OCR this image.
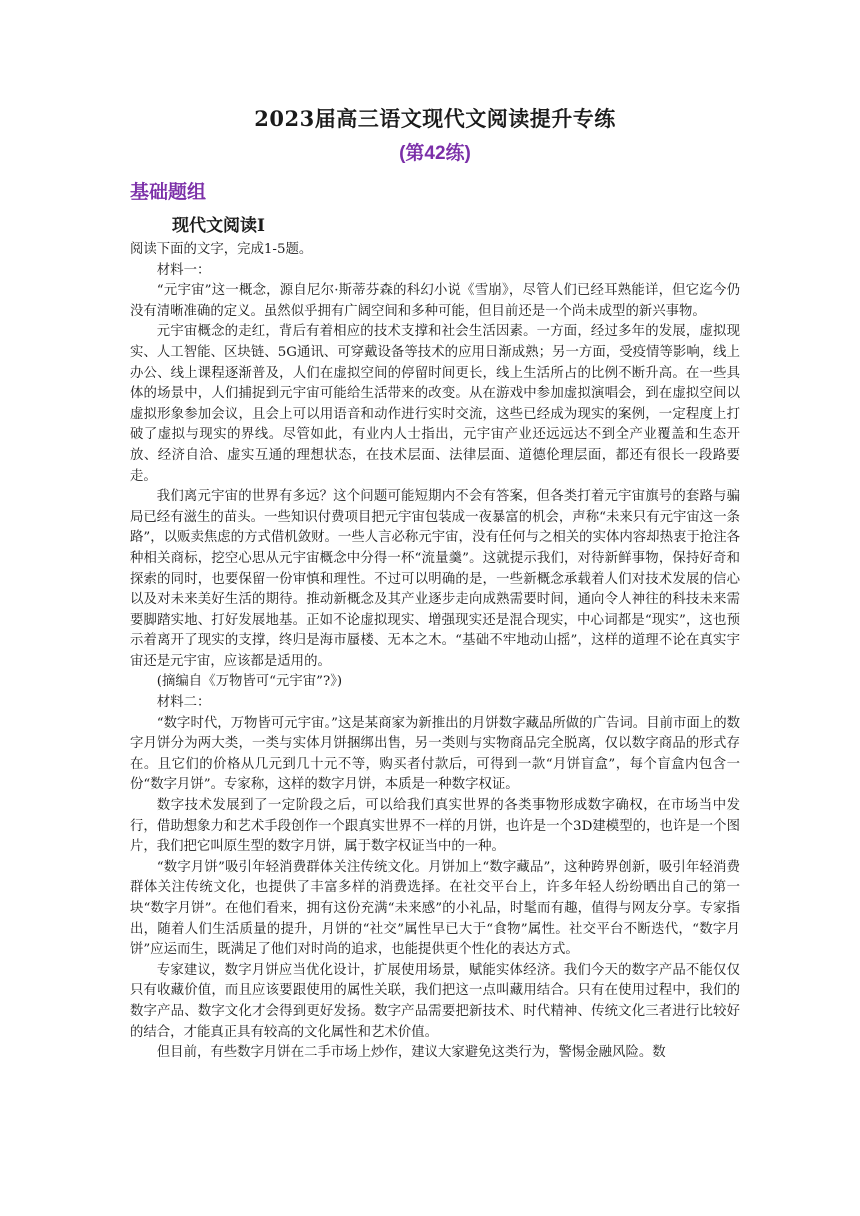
2023届高三语文现代文阅读提升专练
(第42练)
基础题组
现代文阅读Ⅰ

阅读下面的文字，完成1-5题。

材料一：

“元宇宙”这一概念，源自尼尔·斯蒂芬森的科幻小说《雪崩》，尽管人们已经耳熟能详，但它迄今仍没有清晰准确的定义。虽然似乎拥有广阔空间和多种可能，但目前还是一个尚未成型的新兴事物。

元宇宙概念的走红，背后有着相应的技术支撑和社会生活因素。一方面，经过多年的发展，虚拟现实、人工智能、区块链、5G通讯、可穿戴设备等技术的应用日渐成熟；另一方面，受疫情等影响，线上办公、线上课程逐渐普及，人们在虚拟空间的停留时间更长，线上生活所占的比例不断升高。在一些具体的场景中，人们捕捉到元宇宙可能给生活带来的改变。从在游戏中参加虚拟演唱会，到在虚拟空间以虚拟形象参加会议，且会上可以用语音和动作进行实时交流，这些已经成为现实的案例，一定程度上打破了虚拟与现实的界线。尽管如此，有业内人士指出，元宇宙产业还远远达不到全产业覆盖和生态开放、经济自洽、虚实互通的理想状态，在技术层面、法律层面、道德伦理层面，都还有很长一段路要走。

我们离元宇宙的世界有多远？这个问题可能短期内不会有答案，但各类打着元宇宙旗号的套路与骗局已经有滋生的苗头。一些知识付费项目把元宇宙包装成一夜暴富的机会，声称“未来只有元宇宙这一条路”，以贩卖焦虑的方式借机敛财。一些人言必称元宇宙，没有任何与之相关的实体内容却热衷于抢注各种相关商标，挖空心思从元宇宙概念中分得一杯“流量羹”。这就提示我们，对待新鲜事物，保持好奇和探索的同时，也要保留一份审慎和理性。不过可以明确的是，一些新概念承载着人们对技术发展的信心以及对未来美好生活的期待。推动新概念及其产业逐步走向成熟需要时间，通向令人神往的科技未来需要脚踏实地、打好发展地基。正如不论虚拟现实、增强现实还是混合现实，中心词都是“现实”，这也预示着离开了现实的支撑，终归是海市蜃楼、无本之木。“基础不牢地动山摇”，这样的道理不论在真实宇宙还是元宇宙，应该都是适用的。

(摘编自《万物皆可“元宇宙”?》)

材料二：

“数字时代，万物皆可元宇宙。”这是某商家为新推出的月饼数字藏品所做的广告词。目前市面上的数字月饼分为两大类，一类与实体月饼捆绑出售，另一类则与实物商品完全脱离，仅以数字商品的形式存在。且它们的价格从几元到几十元不等，购买者付款后，可得到一款“月饼盲盒”，每个盲盒内包含一份“数字月饼”。专家称，这样的数字月饼，本质是一种数字权证。

数字技术发展到了一定阶段之后，可以给我们真实世界的各类事物形成数字确权，在市场当中发行，借助想象力和艺术手段创作一个跟真实世界不一样的月饼，也许是一个3D建模型的，也许是一个图片，我们把它叫原生型的数字月饼，属于数字权证当中的一种。

“数字月饼”吸引年轻消费群体关注传统文化。月饼加上“数字藏品”，这种跨界创新，吸引年轻消费群体关注传统文化，也提供了丰富多样的消费选择。在社交平台上，许多年轻人纷纷晒出自己的第一块“数字月饼”。在他们看来，拥有这份充满“未来感”的小礼品，时髦而有趣，值得与网友分享。专家指出，随着人们生活质量的提升，月饼的“社交”属性早已大于“食物”属性。社交平台不断迭代，“数字月饼”应运而生，既满足了他们对时尚的追求，也能提供更个性化的表达方式。

专家建议，数字月饼应当优化设计，扩展使用场景，赋能实体经济。我们今天的数字产品不能仅仅只有收藏价值，而且应该要跟使用的属性关联，我们把这一点叫藏用结合。只有在使用过程中，我们的数字产品、数字文化才会得到更好发扬。数字产品需要把新技术、时代精神、传统文化三者进行比较好的结合，才能真正具有较高的文化属性和艺术价值。

但目前，有些数字月饼在二手市场上炒作，建议大家避免这类行为，警惕金融风险。数
